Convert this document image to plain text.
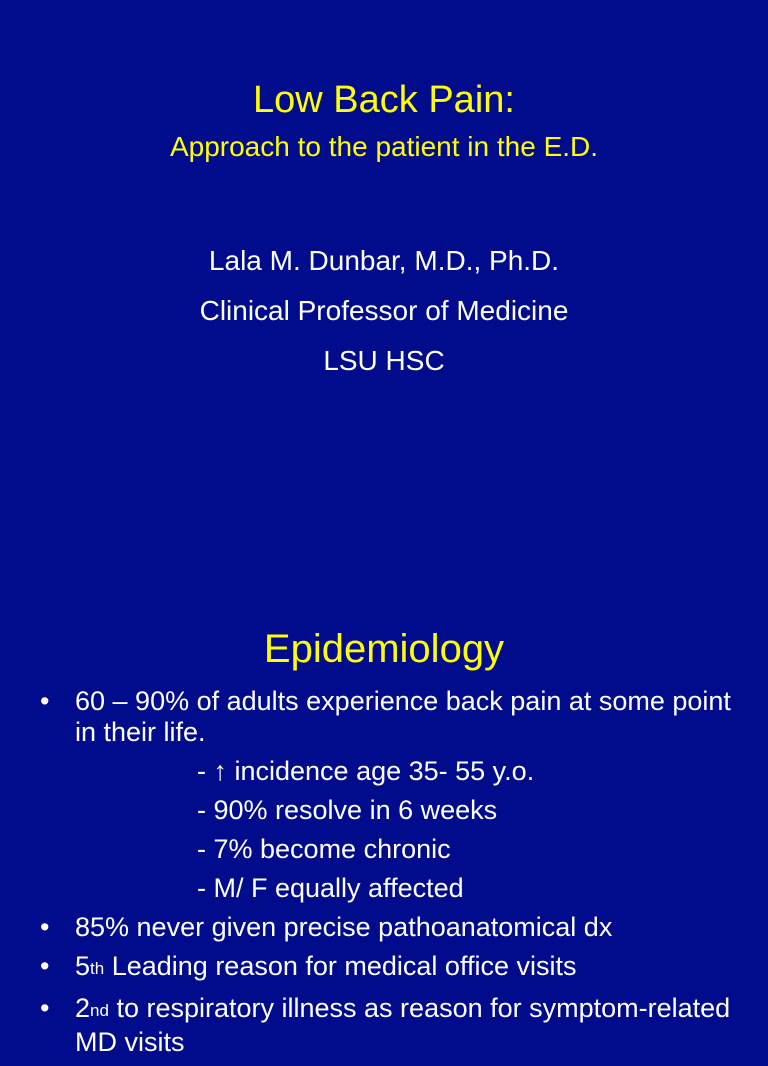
Low Back Pain:
Approach to the patient in the E.D.
Lala M. Dunbar, M.D., Ph.D.
Clinical Professor of Medicine
LSU HSC
Epidemiology
• 60 – 90% of adults experience back pain at some point in their life.
- ↑ incidence age 35- 55 y.o.
- 90% resolve in 6 weeks
- 7% become chronic
- M/ F equally affected
• 85% never given precise pathoanatomical dx
• 5th Leading reason for medical office visits
• 2nd to respiratory illness as reason for symptom-related MD visits
